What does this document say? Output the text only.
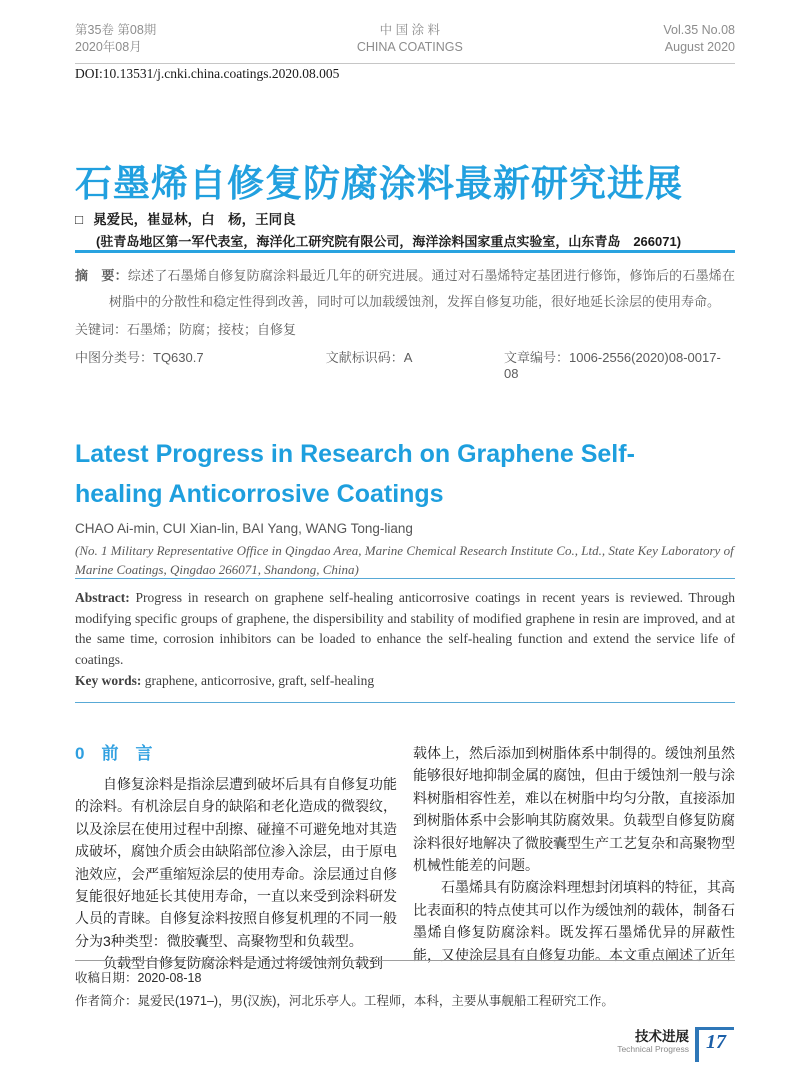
第35卷 第08期
2020年08月
中 国 涂 料
CHINA COATINGS
Vol.35 No.08
August 2020
DOI:10.13531/j.cnki.china.coatings.2020.08.005
石墨烯自修复防腐涂料最新研究进展
□ 晁爱民，崔显林，白　杨，王同良
(驻青岛地区第一军代表室，海洋化工研究院有限公司，海洋涂料国家重点实验室，山东青岛　266071)
摘　要：综述了石墨烯自修复防腐涂料最近几年的研究进展。通过对石墨烯特定基团进行修饰，修饰后的石墨烯在树脂中的分散性和稳定性得到改善，同时可以加载缓蚀剂，发挥自修复功能，很好地延长涂层的使用寿命。
关键词：石墨烯；防腐；接枝；自修复
中图分类号：TQ630.7	文献标识码：A	文章编号：1006-2556(2020)08-0017-08
Latest Progress in Research on Graphene Self-healing Anticorrosive Coatings
CHAO Ai-min, CUI Xian-lin, BAI Yang, WANG Tong-liang
(No. 1 Military Representative Office in Qingdao Area, Marine Chemical Research Institute Co., Ltd., State Key Laboratory of Marine Coatings, Qingdao 266071, Shandong, China)
Abstract: Progress in research on graphene self-healing anticorrosive coatings in recent years is reviewed. Through modifying specific groups of graphene, the dispersibility and stability of modified graphene in resin are improved, and at the same time, corrosion inhibitors can be loaded to enhance the self-healing function and extend the service life of coatings.
Key words: graphene, anticorrosive, graft, self-healing
0　前　言

自修复涂料是指涂层遭到破坏后具有自修复功能的涂料。有机涂层自身的缺陷和老化造成的微裂纹，以及涂层在使用过程中刮擦、碰撞不可避免地对其造成破坏，腐蚀介质会由缺陷部位渗入涂层，由于原电池效应，会严重缩短涂层的使用寿命。涂层通过自修复能很好地延长其使用寿命，一直以来受到涂料研发人员的青睐。自修复涂料按照自修复机理的不同一般分为3种类型：微胶囊型、高聚物型和负载型。

负载型自修复防腐涂料是通过将缓蚀剂负载到

载体上，然后添加到树脂体系中制得的。缓蚀剂虽然能够很好地抑制金属的腐蚀，但由于缓蚀剂一般与涂料树脂相容性差，难以在树脂中均匀分散，直接添加到树脂体系中会影响其防腐效果。负载型自修复防腐涂料很好地解决了微胶囊型生产工艺复杂和高聚物型机械性能差的问题。

石墨烯具有防腐涂料理想封闭填料的特征，其高比表面积的特点使其可以作为缓蚀剂的载体，制备石墨烯自修复防腐涂料。既发挥石墨烯优异的屏蔽性能，又使涂层具有自修复功能。本文重点阐述了近年

收稿日期：2020-08-18
作者简介：晁爱民(1971–)，男(汉族)，河北乐亭人。工程师，本科，主要从事舰船工程研究工作。
技术进展
Technical Progress 17
